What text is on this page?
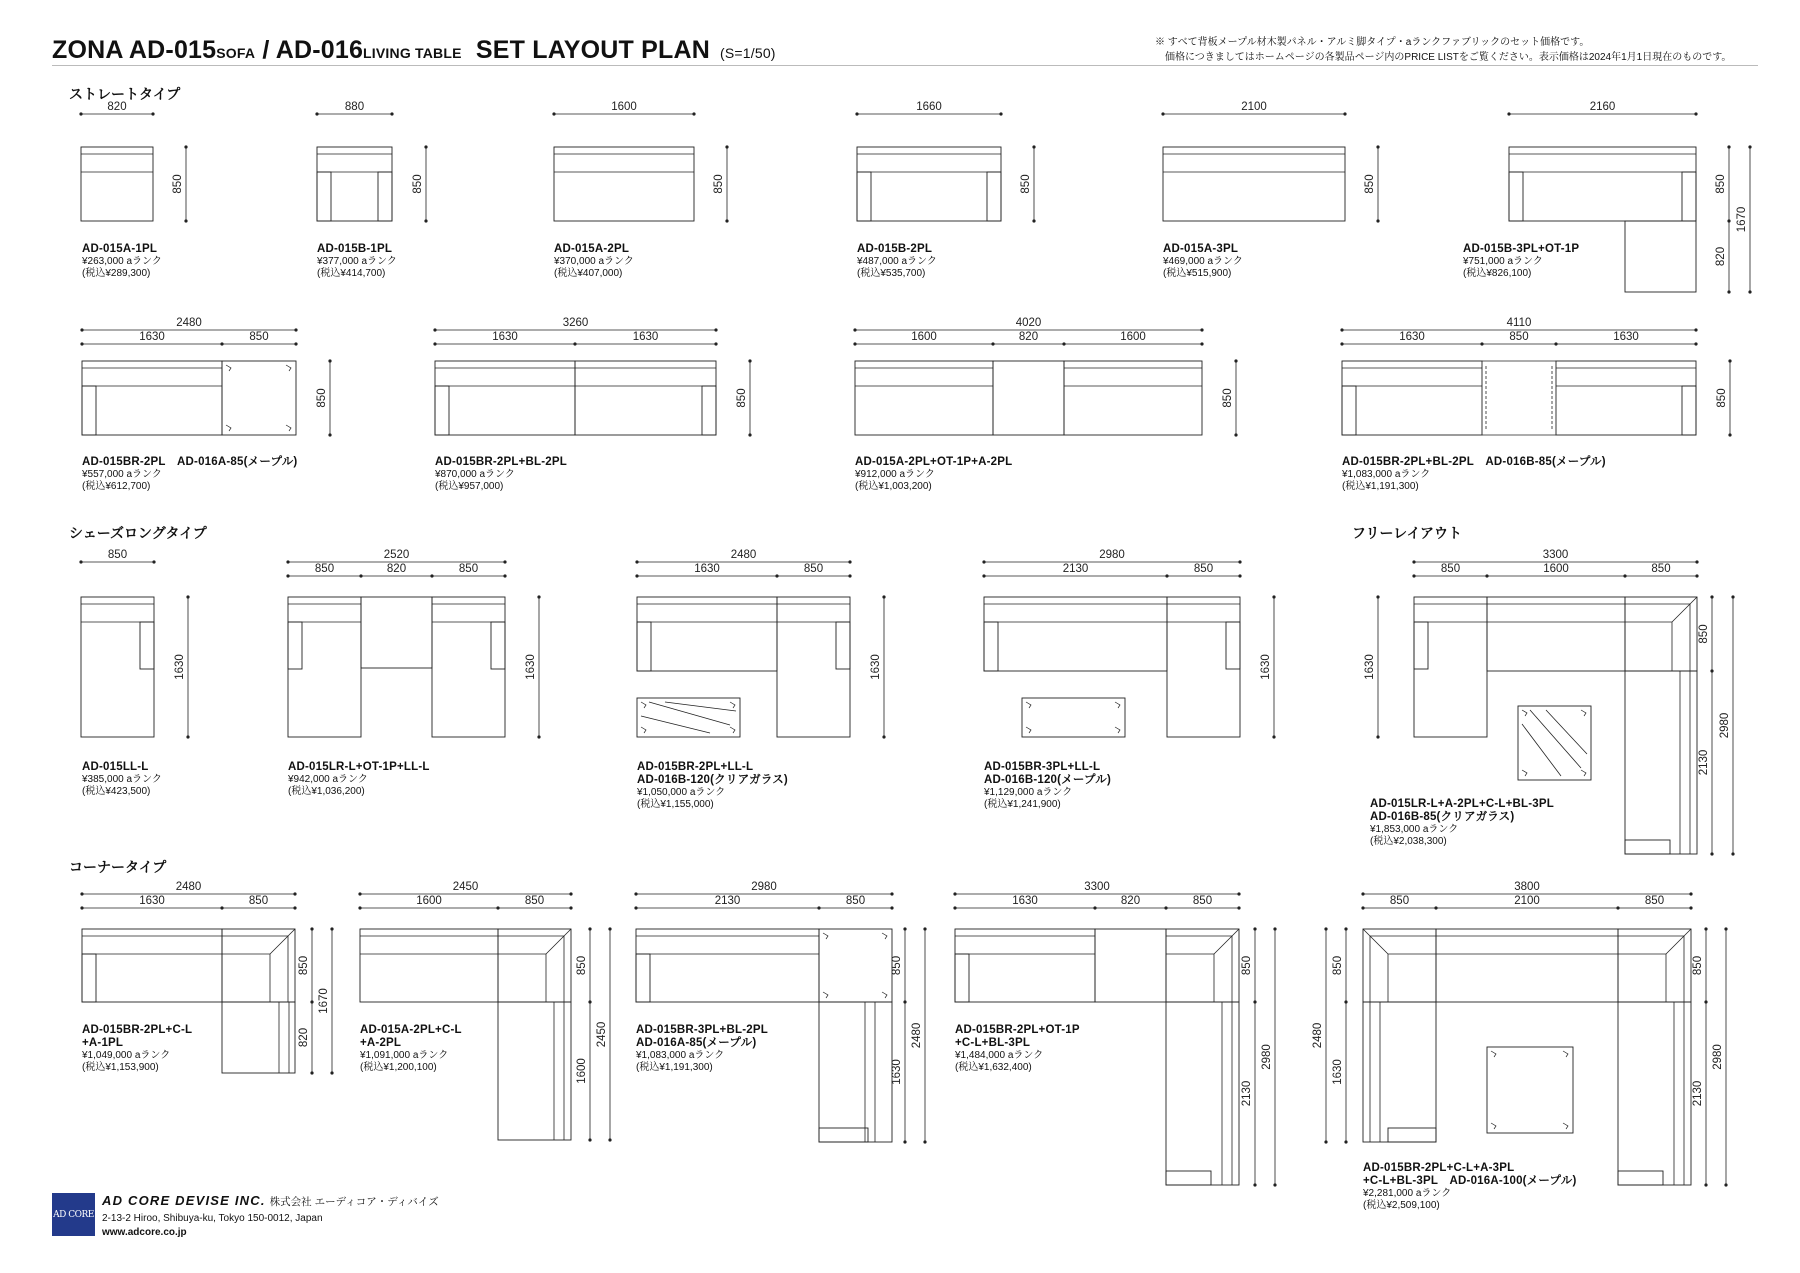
ZONA AD-015SOFA / AD-016LIVING TABLE  SET LAYOUT PLAN (S=1/50)
※ すべて背板メープル材木製パネル・アルミ脚タイプ・aランクファブリックのセット価格です。
価格につきましてはホームページの各製品ページ内のPRICE LISTをご覧ください。表示価格は2024年1月1日現在のものです。
ストレートタイプ
シェーズロングタイプ	フリーレイアウト
コーナータイプ
820
850
880
850
1600
850
1660
850
2100
850
2160
850
820
1670
2480
1630	850
850
3260
1630	1630
850
4020
1600	820	1600
850
4110
1630	850	1630
850
850
1630
2520
850	820	850
1630
2480
1630	850
1630
2980
2130	850
1630
3300
850	1600	850
1630
850
2130
2980
2480
1630	850
850
820
1670
2450
1600	850
850
1600
2450
2980
2130	850
850
1630
2480
3300
1630	820	850
850
2130
2980
3800
850	2100	850
850
1630
2480
850
2130
2980
AD-015A-1PL
¥263,000 aランク
(税込¥289,300)
AD-015B-1PL
¥377,000 aランク
(税込¥414,700)
AD-015A-2PL
¥370,000 aランク
(税込¥407,000)
AD-015B-2PL
¥487,000 aランク
(税込¥535,700)
AD-015A-3PL
¥469,000 aランク
(税込¥515,900)
AD-015B-3PL+OT-1P
¥751,000 aランク
(税込¥826,100)
AD-015BR-2PL　AD-016A-85(メープル)
¥557,000 aランク
(税込¥612,700)
AD-015BR-2PL+BL-2PL
¥870,000 aランク
(税込¥957,000)
AD-015A-2PL+OT-1P+A-2PL
¥912,000 aランク
(税込¥1,003,200)
AD-015BR-2PL+BL-2PL　AD-016B-85(メープル)
¥1,083,000 aランク
(税込¥1,191,300)
AD-015LL-L
¥385,000 aランク
(税込¥423,500)
AD-015LR-L+OT-1P+LL-L
¥942,000 aランク
(税込¥1,036,200)
AD-015BR-2PL+LL-L
AD-016B-120(クリアガラス)
¥1,050,000 aランク
(税込¥1,155,000)
AD-015BR-3PL+LL-L
AD-016B-120(メープル)
¥1,129,000 aランク
(税込¥1,241,900)	AD-015LR-L+A-2PL+C-L+BL-3PL
AD-016B-85(クリアガラス)
¥1,853,000 aランク
(税込¥2,038,300)
AD-015BR-2PL+C-L
+A-1PL
¥1,049,000 aランク
(税込¥1,153,900)
AD-015A-2PL+C-L
+A-2PL
¥1,091,000 aランク
(税込¥1,200,100)
AD-015BR-3PL+BL-2PL
AD-016A-85(メープル)
¥1,083,000 aランク
(税込¥1,191,300)
AD-015BR-2PL+OT-1P
+C-L+BL-3PL
¥1,484,000 aランク
(税込¥1,632,400)
AD-015BR-2PL+C-L+A-3PL
+C-L+BL-3PL　AD-016A-100(メープル)
¥2,281,000 aランク
(税込¥2,509,100)
AD CORE
AD CORE DEVISE INC. 株式会社 エーディコア・ディバイズ
2-13-2 Hiroo, Shibuya-ku, Tokyo 150-0012, Japan
www.adcore.co.jp
